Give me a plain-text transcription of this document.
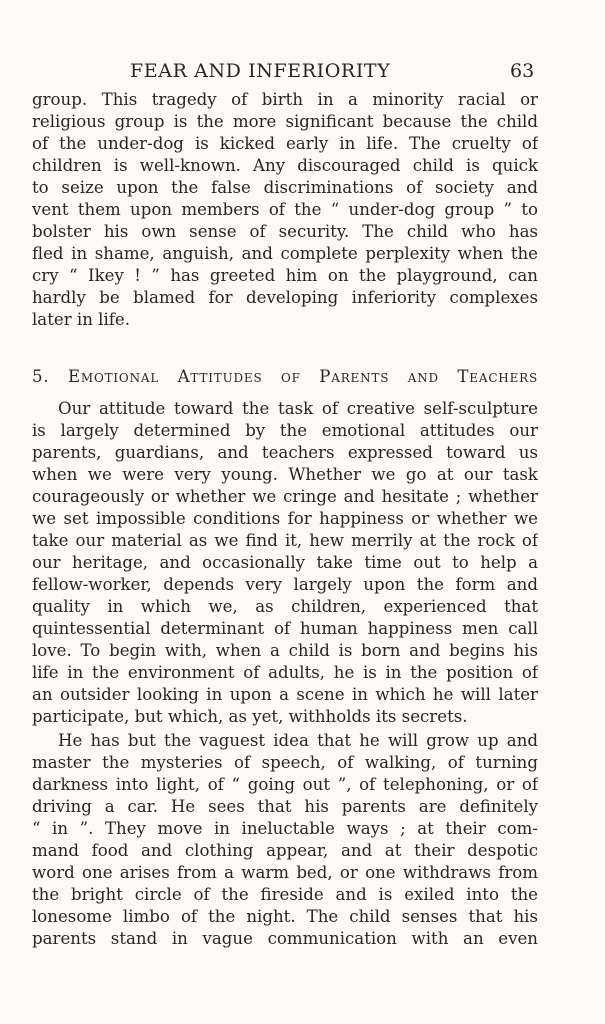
FEAR AND INFERIORITY	63
group. This tragedy of birth in a minority racial or
religious group is the more significant because the child
of the under-dog is kicked early in life. The cruelty of
children is well-known. Any discouraged child is quick
to seize upon the false discriminations of society and
vent them upon members of the “ under-dog group ” to
bolster his own sense of security. The child who has
fled in shame, anguish, and complete perplexity when the
cry “ Ikey ! ” has greeted him on the playground, can
hardly be blamed for developing inferiority complexes
later in life.
5. Emotional Attitudes of Parents and Teachers
Our attitude toward the task of creative self-sculpture
is largely determined by the emotional attitudes our
parents, guardians, and teachers expressed toward us
when we were very young. Whether we go at our task
courageously or whether we cringe and hesitate ; whether
we set impossible conditions for happiness or whether we
take our material as we find it, hew merrily at the rock of
our heritage, and occasionally take time out to help a
fellow-worker, depends very largely upon the form and
quality in which we, as children, experienced that
quintessential determinant of human happiness men call
love. To begin with, when a child is born and begins his
life in the environment of adults, he is in the position of
an outsider looking in upon a scene in which he will later
participate, but which, as yet, withholds its secrets.
He has but the vaguest idea that he will grow up and
master the mysteries of speech, of walking, of turning
darkness into light, of “ going out ”, of telephoning, or of
driving a car. He sees that his parents are definitely
“ in ”. They move in ineluctable ways ; at their com-
mand food and clothing appear, and at their despotic
word one arises from a warm bed, or one withdraws from
the bright circle of the fireside and is exiled into the
lonesome limbo of the night. The child senses that his
parents stand in vague communication with an even
